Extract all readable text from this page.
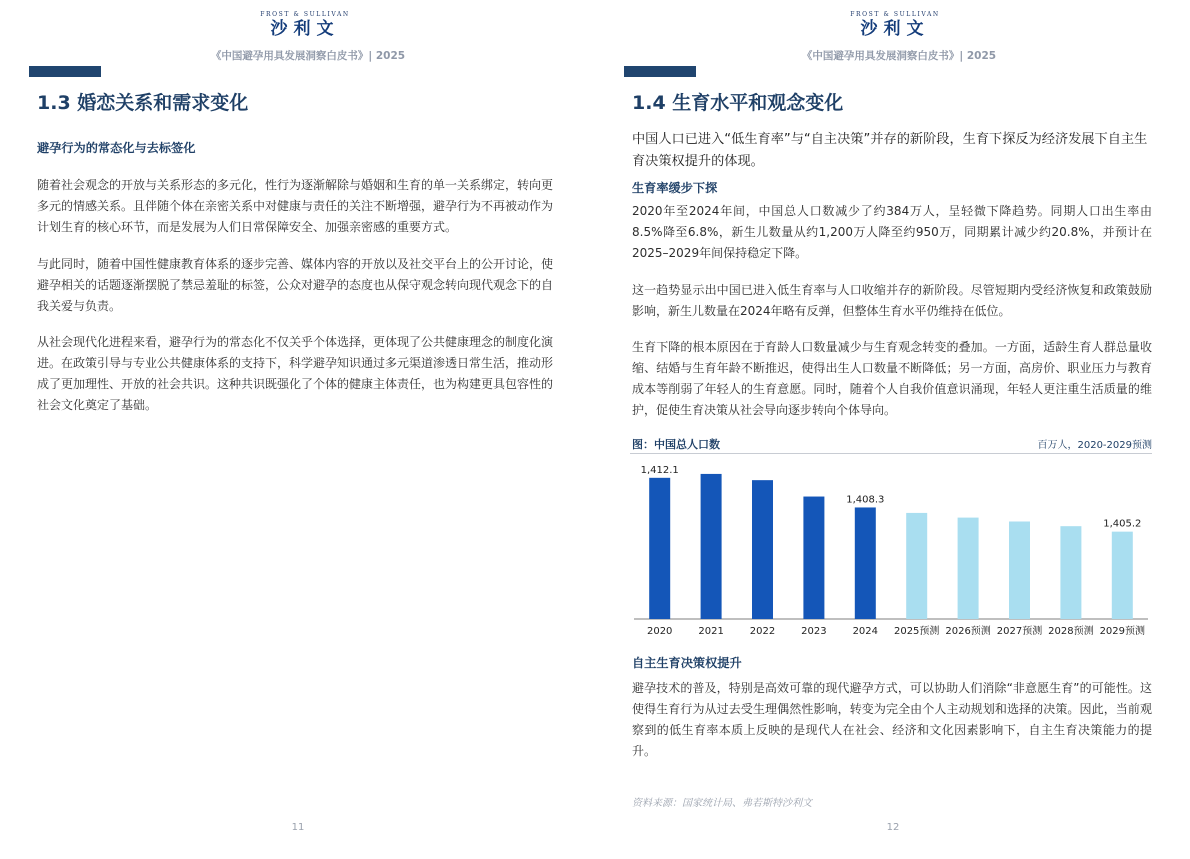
FROST & SULLIVAN
沙利文
《中国避孕用具发展洞察白皮书》| 2025
1.3 婚恋关系和需求变化
避孕行为的常态化与去标签化

随着社会观念的开放与关系形态的多元化，性行为逐渐解除与婚姻和生育的单一关系绑定，转向更多元的情感关系。且伴随个体在亲密关系中对健康与责任的关注不断增强，避孕行为不再被动作为计划生育的核心环节，而是发展为人们日常保障安全、加强亲密感的重要方式。

与此同时，随着中国性健康教育体系的逐步完善、媒体内容的开放以及社交平台上的公开讨论，使避孕相关的话题逐渐摆脱了禁忌羞耻的标签，公众对避孕的态度也从保守观念转向现代观念下的自我关爱与负责。

从社会现代化进程来看，避孕行为的常态化不仅关乎个体选择，更体现了公共健康理念的制度化演进。在政策引导与专业公共健康体系的支持下，科学避孕知识通过多元渠道渗透日常生活，推动形成了更加理性、开放的社会共识。这种共识既强化了个体的健康主体责任，也为构建更具包容性的社会文化奠定了基础。

11
FROST & SULLIVAN
沙利文
《中国避孕用具发展洞察白皮书》| 2025
1.4 生育水平和观念变化

中国人口已进入“低生育率”与“自主决策”并存的新阶段，生育下探反为经济发展下自主生育决策权提升的体现。

生育率缓步下探

2020年至2024年间，中国总人口数减少了约384万人，呈轻微下降趋势。同期人口出生率由8.5%降至6.8%，新生儿数量从约1,200万人降至约950万，同期累计减少约20.8%，并预计在2025–2029年间保持稳定下降。

这一趋势显示出中国已进入低生育率与人口收缩并存的新阶段。尽管短期内受经济恢复和政策鼓励影响，新生儿数量在2024年略有反弹，但整体生育水平仍维持在低位。

生育下降的根本原因在于育龄人口数量减少与生育观念转变的叠加。一方面，适龄生育人群总量收缩、结婚与生育年龄不断推迟，使得出生人口数量不断降低；另一方面，高房价、职业压力与教育成本等削弱了年轻人的生育意愿。同时，随着个人自我价值意识涌现，年轻人更注重生活质量的维护，促使生育决策从社会导向逐步转向个体导向。

图：中国总人口数	百万人，2020-2029预测
2020
1,412.1
2021	2022	2023	2024
1,408.3
2025预测 2026预测 2027预测 2028预测 2029预测
1,405.2
自主生育决策权提升

避孕技术的普及，特别是高效可靠的现代避孕方式，可以协助人们消除“非意愿生育”的可能性。这使得生育行为从过去受生理偶然性影响，转变为完全由个人主动规划和选择的决策。因此，当前观察到的低生育率本质上反映的是现代人在社会、经济和文化因素影响下，自主生育决策能力的提升。

资料来源：国家统计局、弗若斯特沙利文
12
